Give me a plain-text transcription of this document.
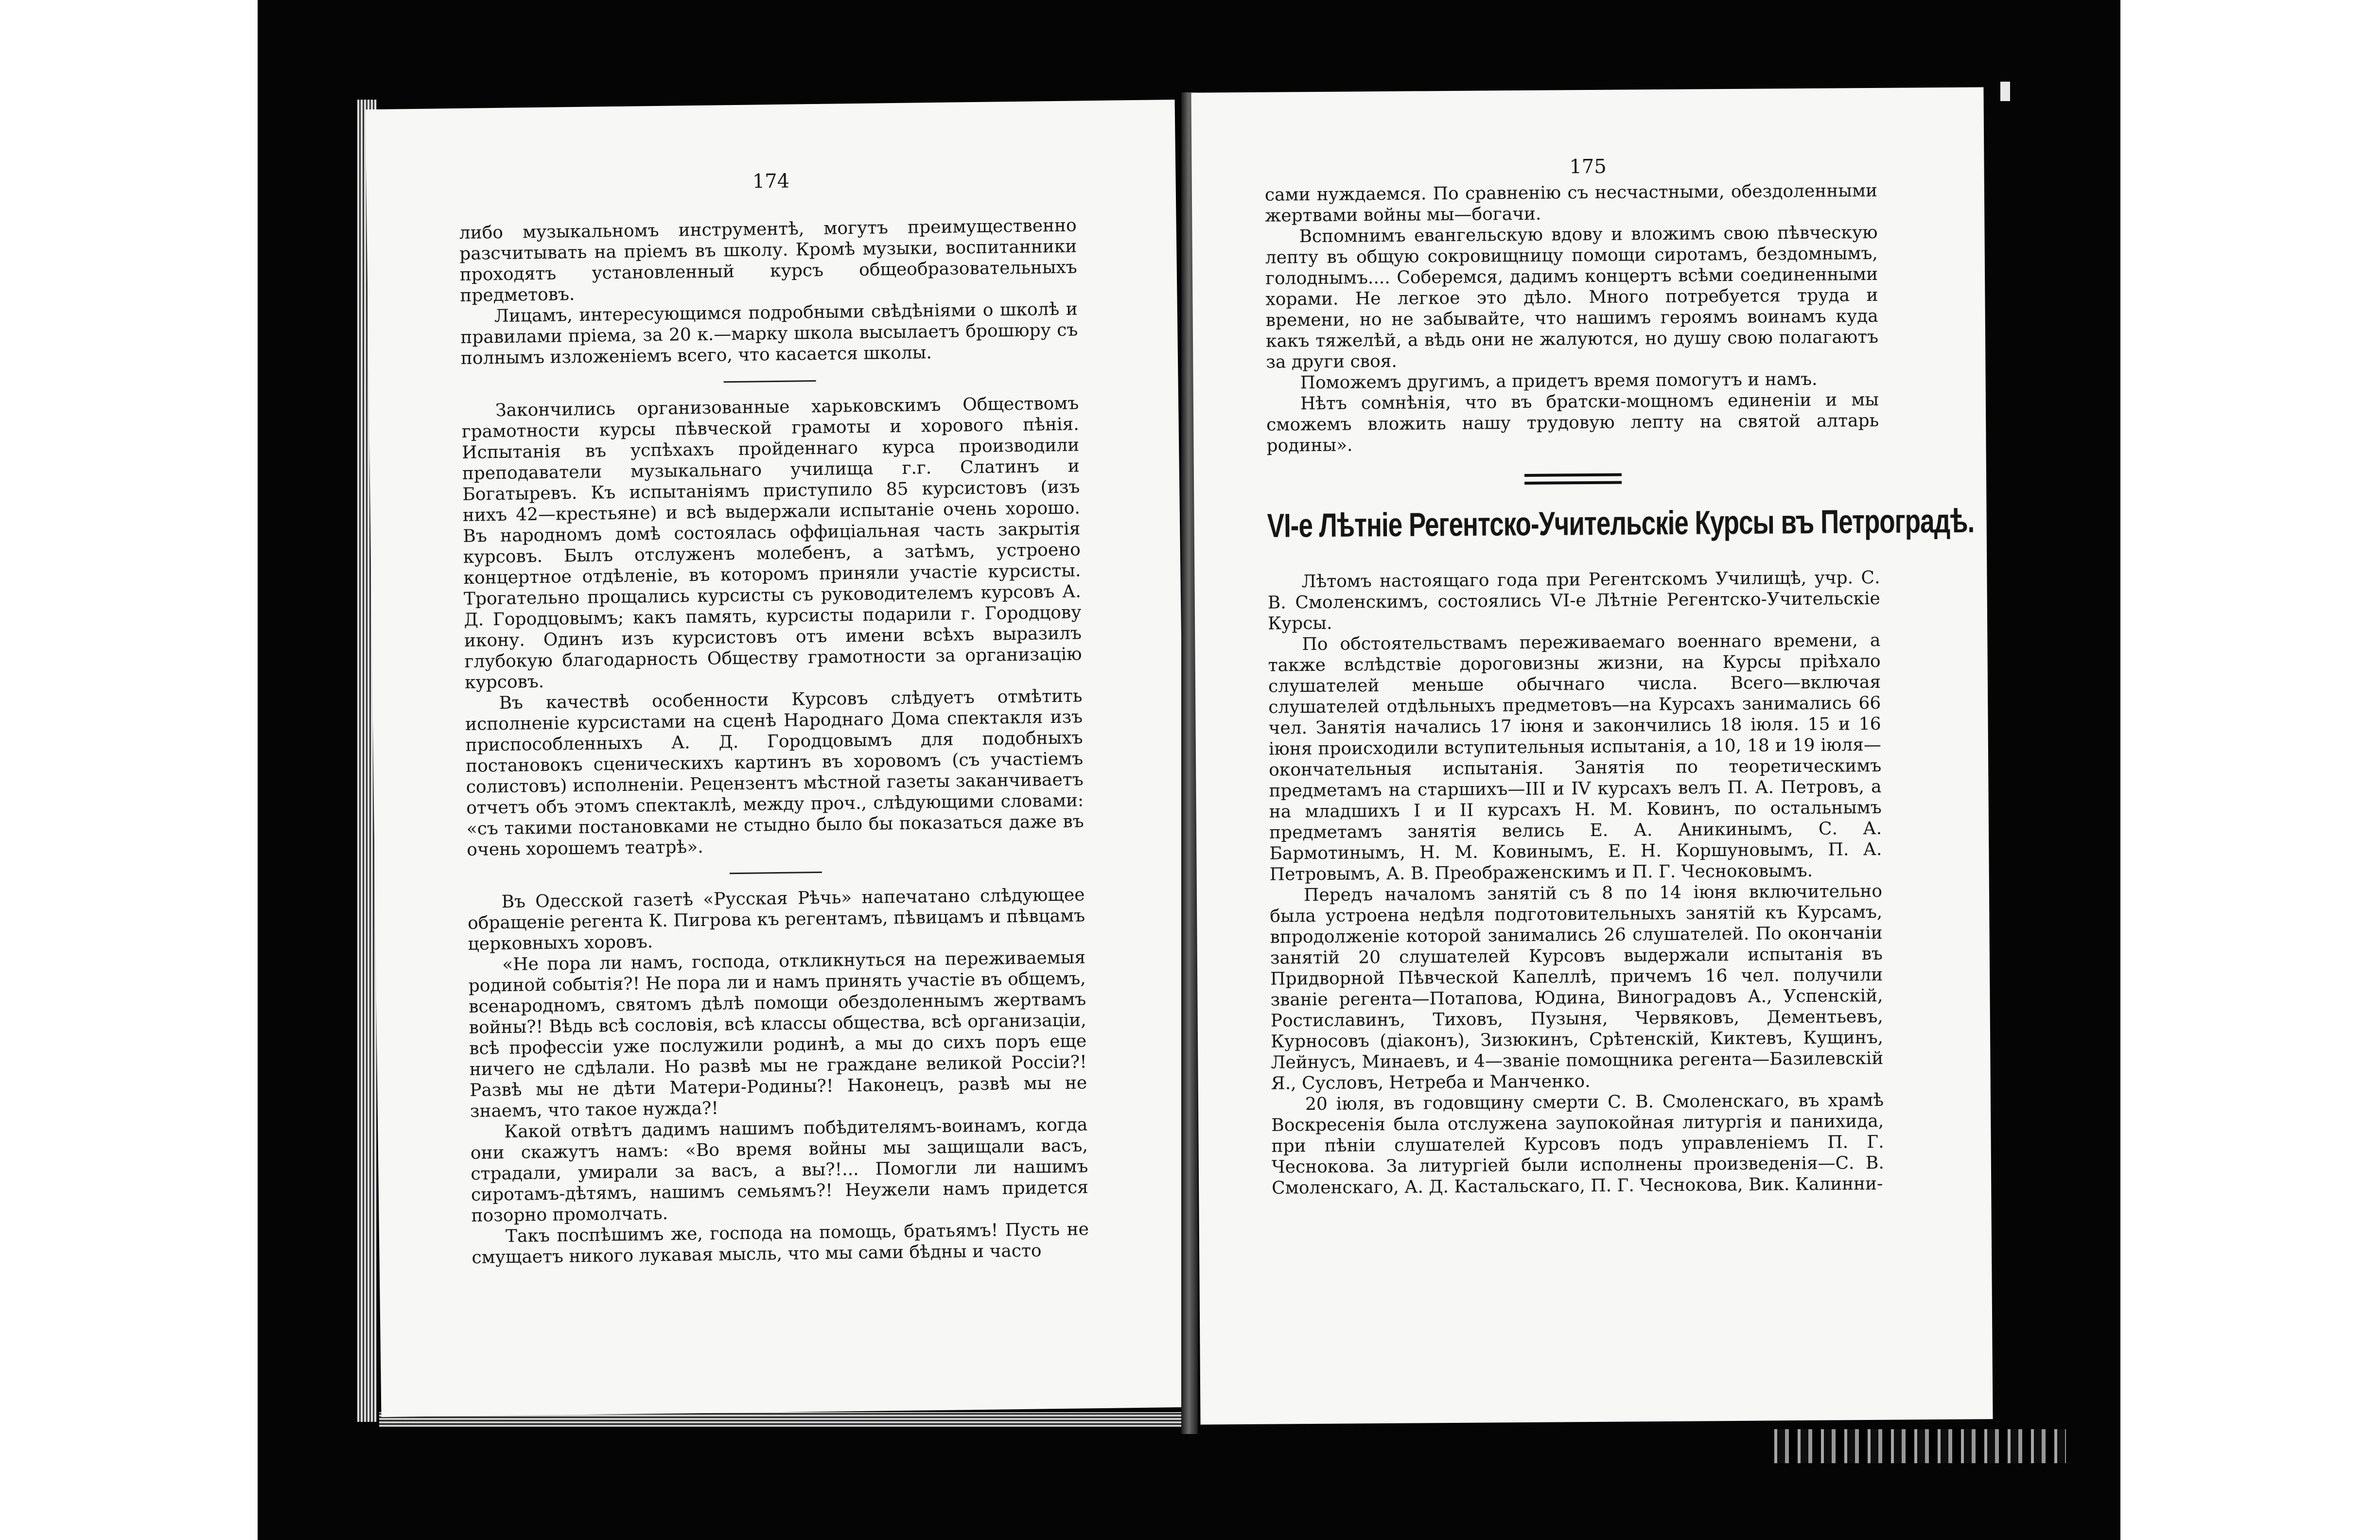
174

либо музыкальномъ инструментѣ, могутъ преимущественно разсчитывать на пріемъ въ школу. Кромѣ музыки, воспитанники проходятъ установленный курсъ общеобразовательныхъ предметовъ.

Лицамъ, интересующимся подробными свѣдѣніями о школѣ и правилами пріема, за 20 к.—марку школа высылаетъ брошюру съ полнымъ изложеніемъ всего, что касается школы.

Закончились организованные харьковскимъ Обществомъ грамотности курсы пѣвческой грамоты и хорового пѣнія. Испытанія въ успѣхахъ пройденнаго курса производили преподаватели музыкальнаго училища г.г. Слатинъ и Богатыревъ. Къ испытаніямъ приступило 85 курсистовъ (изъ нихъ 42—крестьяне) и всѣ выдержали испытаніе очень хорошо. Въ народномъ домѣ состоялась оффиціальная часть закрытія курсовъ. Былъ отслуженъ молебенъ, а затѣмъ, устроено концертное отдѣленіе, въ которомъ приняли участіе курсисты. Трогательно прощались курсисты съ руководителемъ курсовъ А. Д. Городцовымъ; какъ память, курсисты подарили г. Городцову икону. Одинъ изъ курсистовъ отъ имени всѣхъ выразилъ глубокую благодарность Обществу грамотности за организацію курсовъ.

Въ качествѣ особенности Курсовъ слѣдуетъ отмѣтить исполненіе курсистами на сценѣ Народнаго Дома спектакля изъ приспособленныхъ А. Д. Городцовымъ для подобныхъ постановокъ сценическихъ картинъ въ хоровомъ (съ участіемъ солистовъ) исполненіи. Рецензентъ мѣстной газеты заканчиваетъ отчетъ объ этомъ спектаклѣ, между проч., слѣдующими словами: «съ такими постановками не стыдно было бы показаться даже въ очень хорошемъ театрѣ».

Въ Одесской газетѣ «Русская Рѣчь» напечатано слѣдующее обращеніе регента К. Пигрова къ регентамъ, пѣвицамъ и пѣвцамъ церковныхъ хоровъ.

«Не пора ли намъ, господа, откликнуться на переживаемыя родиной событія?! Не пора ли и намъ принять участіе въ общемъ, всенародномъ, святомъ дѣлѣ помощи обездоленнымъ жертвамъ войны?! Вѣдь всѣ сословія, всѣ классы общества, всѣ организаціи, всѣ профессіи уже послужили родинѣ, а мы до сихъ поръ еще ничего не сдѣлали. Но развѣ мы не граждане великой Россіи?! Развѣ мы не дѣти Матери-Родины?! Наконецъ, развѣ мы не знаемъ, что такое нужда?!

Какой отвѣтъ дадимъ нашимъ побѣдителямъ-воинамъ, когда они скажутъ намъ: «Во время войны мы защищали васъ, страдали, умирали за васъ, а вы?!... Помогли ли нашимъ сиротамъ-дѣтямъ, нашимъ семьямъ?! Неужели намъ придется позорно промолчать.

Такъ поспѣшимъ же, господа на помощь, братьямъ! Пусть не смущаетъ никого лукавая мысль, что мы сами бѣдны и часто

175

сами нуждаемся. По сравненію съ несчастными, обездоленными жертвами войны мы—богачи.

Вспомнимъ евангельскую вдову и вложимъ свою пѣвческую лепту въ общую сокровищницу помощи сиротамъ, бездомнымъ, голоднымъ.... Соберемся, дадимъ концертъ всѣми соединенными хорами. Не легкое это дѣло. Много потребуется труда и времени, но не забывайте, что нашимъ героямъ воинамъ куда какъ тяжелѣй, а вѣдь они не жалуются, но душу свою полагаютъ за други своя.

Поможемъ другимъ, а придетъ время помогутъ и намъ.

Нѣтъ сомнѣнія, что въ братски-мощномъ единеніи и мы сможемъ вложить нашу трудовую лепту на святой алтарь родины».

VI-е Лѣтніе Регентско-Учительскіе Курсы въ Петроградѣ.

Лѣтомъ настоящаго года при Регентскомъ Училищѣ, учр. С. В. Смоленскимъ, состоялись VI-е Лѣтніе Регентско-Учительскіе Курсы.

По обстоятельствамъ переживаемаго военнаго времени, а также вслѣдствіе дороговизны жизни, на Курсы пріѣхало слушателей меньше обычнаго числа. Всего—включая слушателей отдѣльныхъ предметовъ—на Курсахъ занимались 66 чел. Занятія начались 17 іюня и закончились 18 іюля. 15 и 16 іюня происходили вступительныя испытанія, а 10, 18 и 19 іюля—окончательныя испытанія. Занятія по теоретическимъ предметамъ на старшихъ—III и IV курсахъ велъ П. А. Петровъ, а на младшихъ I и II курсахъ Н. М. Ковинъ, по остальнымъ предметамъ занятія велись Е. А. Аникинымъ, С. А. Бармотинымъ, Н. М. Ковинымъ, Е. Н. Коршуновымъ, П. А. Петровымъ, А. В. Преображенскимъ и П. Г. Чесноковымъ.

Передъ началомъ занятій съ 8 по 14 іюня включительно была устроена недѣля подготовительныхъ занятій къ Курсамъ, впродолженіе которой занимались 26 слушателей. По окончаніи занятій 20 слушателей Курсовъ выдержали испытанія въ Придворной Пѣвческой Капеллѣ, причемъ 16 чел. получили званіе регента—Потапова, Юдина, Виноградовъ А., Успенскій, Ростиславинъ, Тиховъ, Пузыня, Червяковъ, Дементьевъ, Курносовъ (діаконъ), Зизюкинъ, Срѣтенскій, Киктевъ, Кущинъ, Лейнусъ, Минаевъ, и 4—званіе помощника регента—Базилевскій Я., Сусловъ, Нетреба и Манченко.

20 іюля, въ годовщину смерти С. В. Смоленскаго, въ храмѣ Воскресенія была отслужена заупокойная литургія и панихида, при пѣніи слушателей Курсовъ подъ управленіемъ П. Г. Чеснокова. За литургіей были исполнены произведенія—С. В. Смоленскаго, А. Д. Кастальскаго, П. Г. Чеснокова, Вик. Калинни-
